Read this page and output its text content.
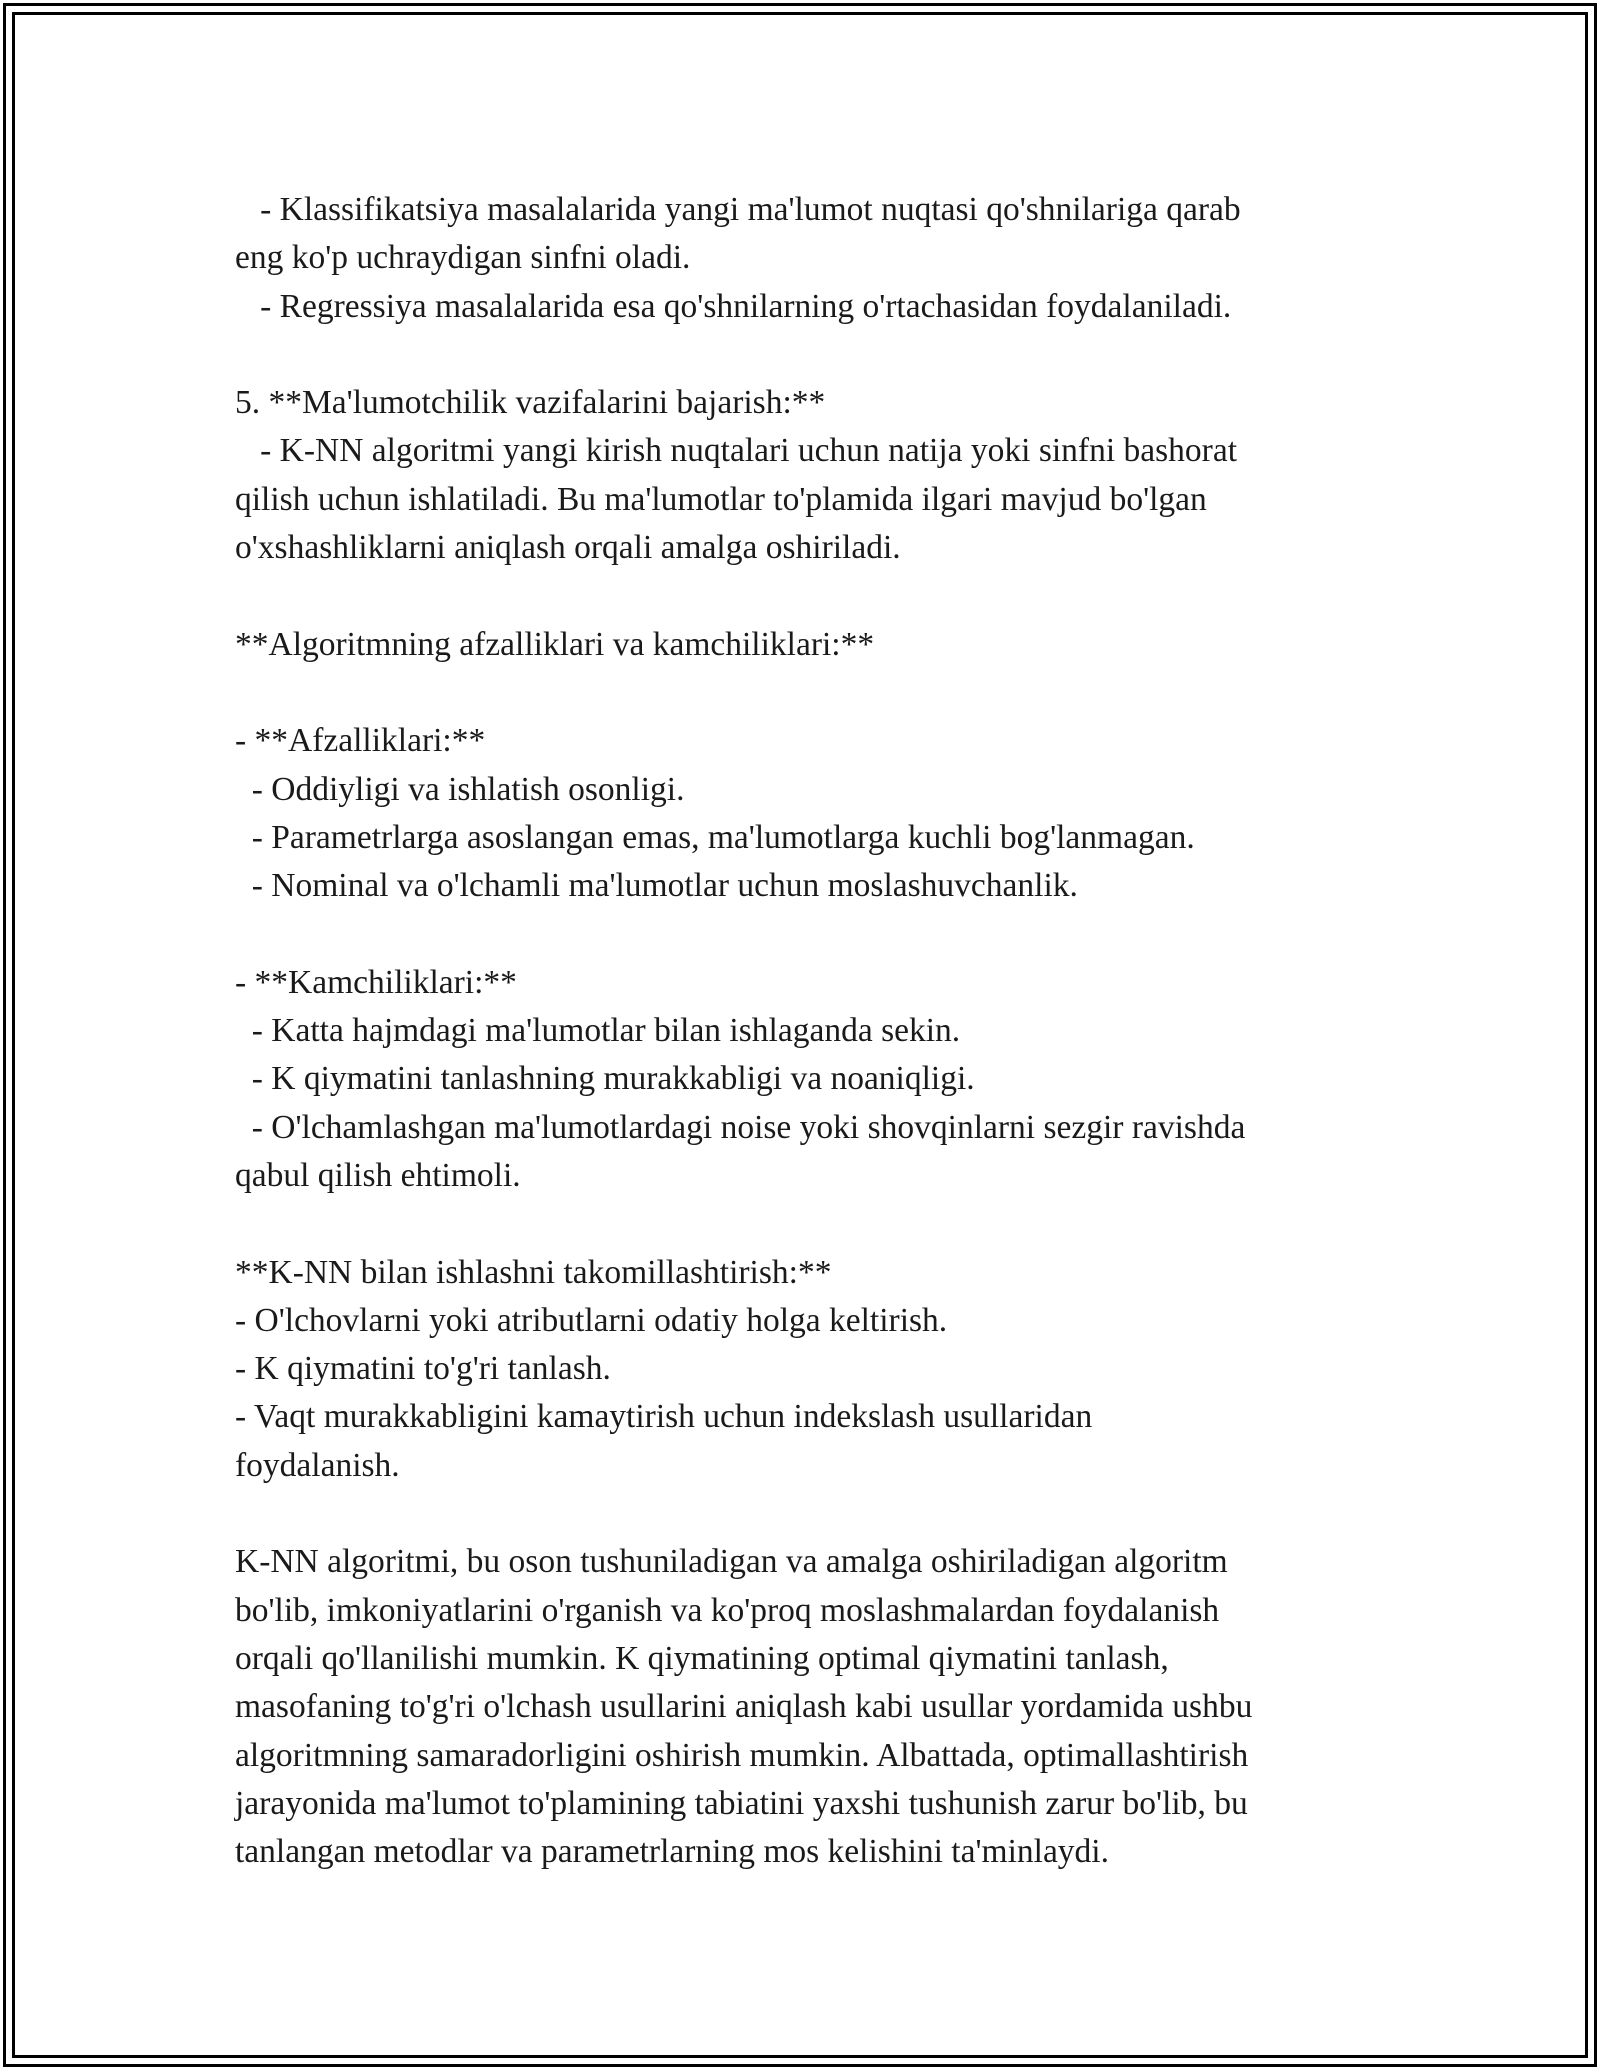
- Klassifikatsiya masalalarida yangi ma'lumot nuqtasi qo'shnilariga qarab
eng ko'p uchraydigan sinfni oladi.
- Regressiya masalalarida esa qo'shnilarning o'rtachasidan foydalaniladi.
5. **Ma'lumotchilik vazifalarini bajarish:**
- K-NN algoritmi yangi kirish nuqtalari uchun natija yoki sinfni bashorat
qilish uchun ishlatiladi. Bu ma'lumotlar to'plamida ilgari mavjud bo'lgan
o'xshashliklarni aniqlash orqali amalga oshiriladi.
**Algoritmning afzalliklari va kamchiliklari:**
- **Afzalliklari:**
- Oddiyligi va ishlatish osonligi.
- Parametrlarga asoslangan emas, ma'lumotlarga kuchli bog'lanmagan.
- Nominal va o'lchamli ma'lumotlar uchun moslashuvchanlik.
- **Kamchiliklari:**
- Katta hajmdagi ma'lumotlar bilan ishlaganda sekin.
- K qiymatini tanlashning murakkabligi va noaniqligi.
- O'lchamlashgan ma'lumotlardagi noise yoki shovqinlarni sezgir ravishda
qabul qilish ehtimoli.
**K-NN bilan ishlashni takomillashtirish:**
- O'lchovlarni yoki atributlarni odatiy holga keltirish.
- K qiymatini to'g'ri tanlash.
- Vaqt murakkabligini kamaytirish uchun indekslash usullaridan
foydalanish.
K-NN algoritmi, bu oson tushuniladigan va amalga oshiriladigan algoritm
bo'lib, imkoniyatlarini o'rganish va ko'proq moslashmalardan foydalanish
orqali qo'llanilishi mumkin. K qiymatining optimal qiymatini tanlash,
masofaning to'g'ri o'lchash usullarini aniqlash kabi usullar yordamida ushbu
algoritmning samaradorligini oshirish mumkin. Albattada, optimallashtirish
jarayonida ma'lumot to'plamining tabiatini yaxshi tushunish zarur bo'lib, bu
tanlangan metodlar va parametrlarning mos kelishini ta'minlaydi.
